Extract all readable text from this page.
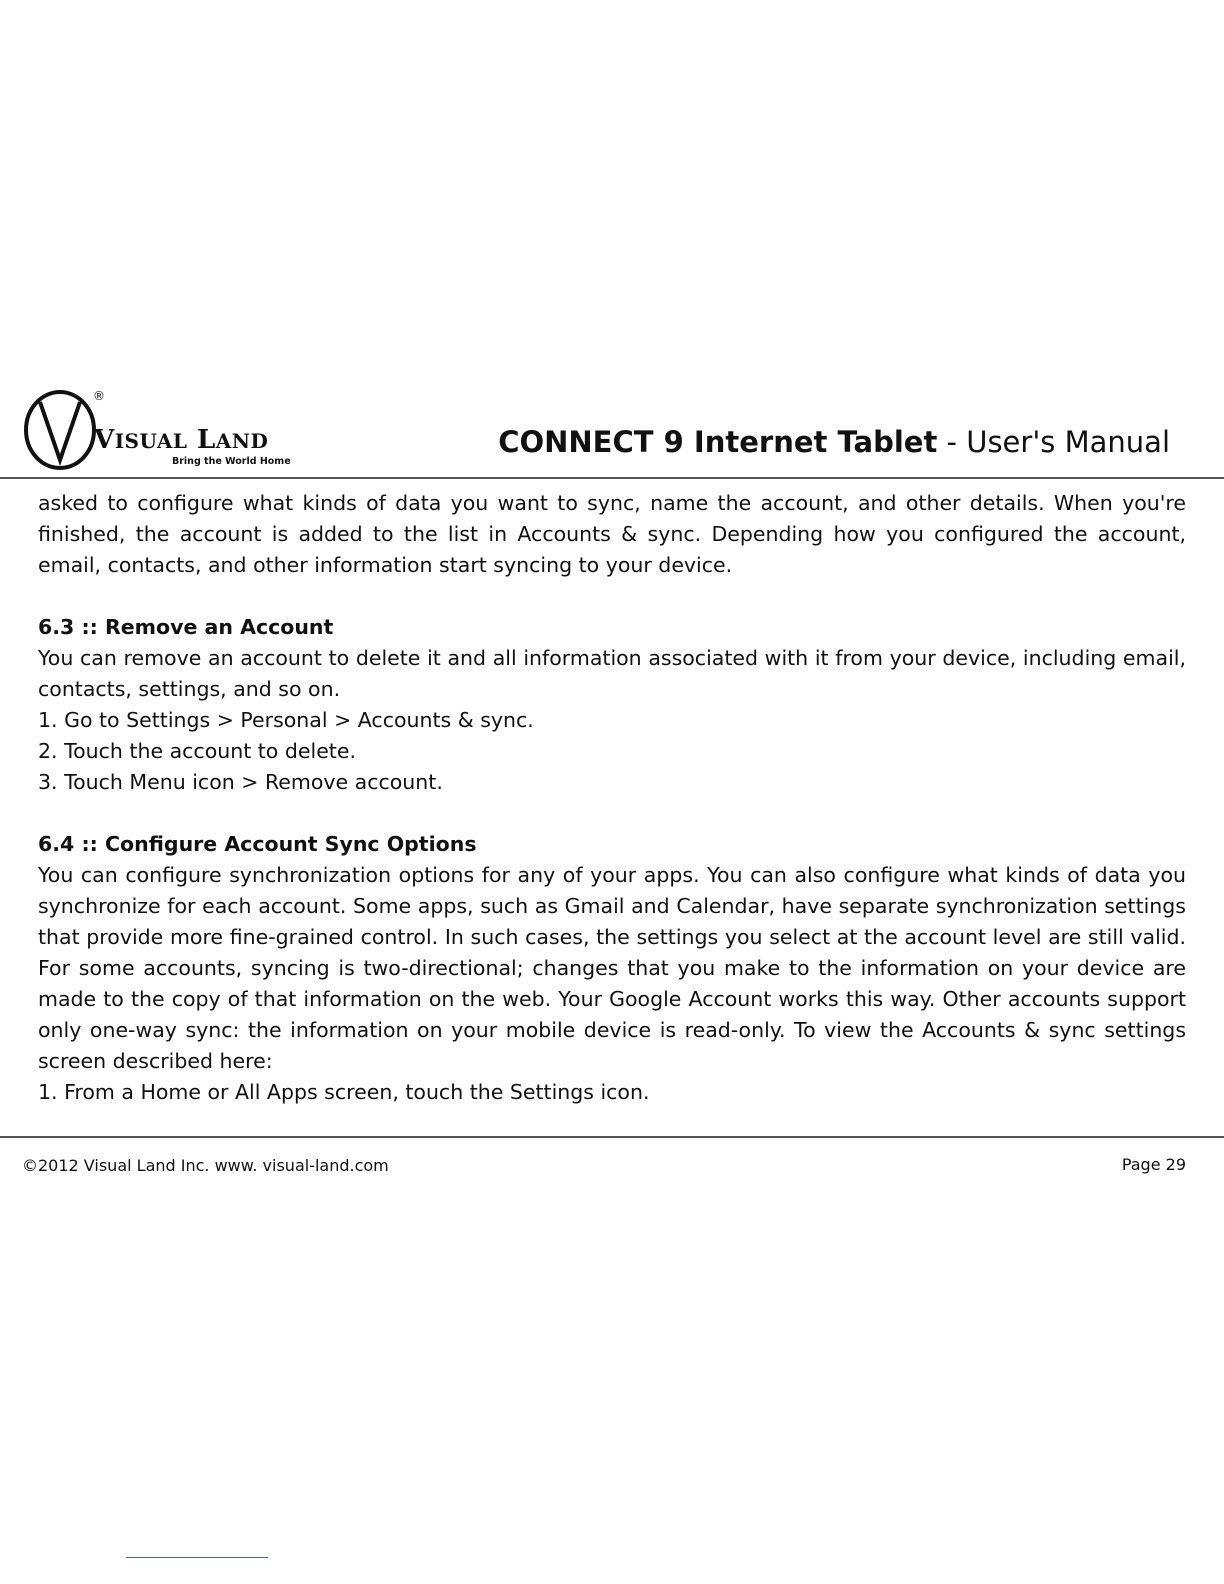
®
VISUAL LAND
Bring the World Home
CONNECT 9 Internet Tablet - User's Manual

asked to configure what kinds of data you want to sync, name the account, and other details. When you're finished, the account is added to the list in Accounts & sync. Depending how you configured the account, email, contacts, and other information start syncing to your device.

6.3 :: Remove an Account

You can remove an account to delete it and all information associated with it from your device, including email, contacts, settings, and so on.

1. Go to Settings > Personal > Accounts & sync.

2. Touch the account to delete.

3. Touch Menu icon > Remove account.

6.4 :: Configure Account Sync Options

You can configure synchronization options for any of your apps. You can also configure what kinds of data you synchronize for each account. Some apps, such as Gmail and Calendar, have separate synchronization settings that provide more fine-grained control. In such cases, the settings you select at the account level are still valid. For some accounts, syncing is two-directional; changes that you make to the information on your device are made to the copy of that information on the web. Your Google Account works this way. Other accounts support only one-way sync: the information on your mobile device is read-only. To view the Accounts & sync settings screen described here:

1. From a Home or All Apps screen, touch the Settings icon.

©2012 Visual Land Inc. www. visual-land.com	Page 29
